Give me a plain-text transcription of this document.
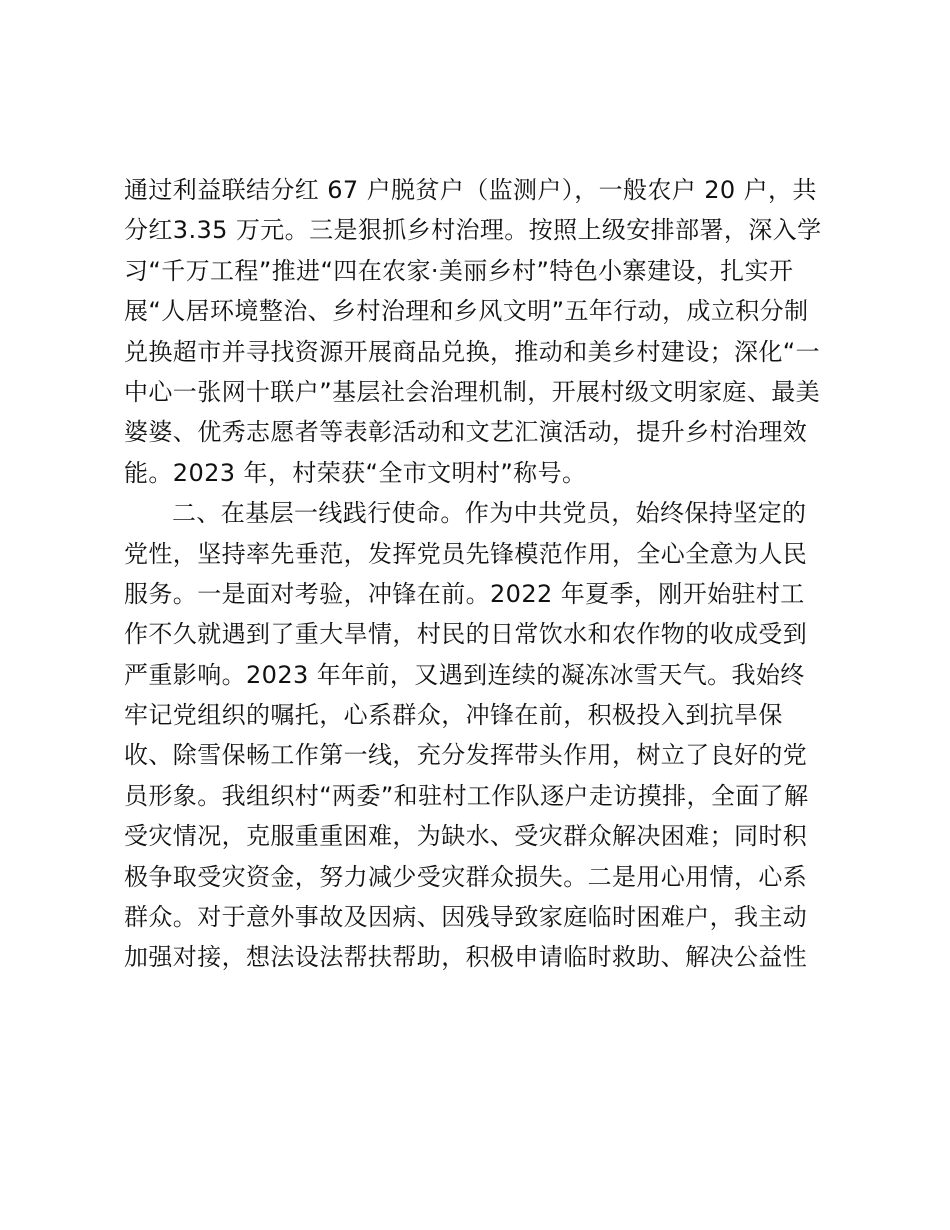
通过利益联结分红 67 户脱贫户（监测户），一般农户 20 户，共
分红3.35 万元。三是狠抓乡村治理。按照上级安排部署，深入学
习“千万工程”推进“四在农家·美丽乡村”特色小寨建设，扎实开
展“人居环境整治、乡村治理和乡风文明”五年行动，成立积分制
兑换超市并寻找资源开展商品兑换，推动和美乡村建设；深化“一
中心一张网十联户”基层社会治理机制，开展村级文明家庭、最美
婆婆、优秀志愿者等表彰活动和文艺汇演活动，提升乡村治理效
能。2023 年，村荣获“全市文明村”称号。
二、在基层一线践行使命。作为中共党员，始终保持坚定的
党性，坚持率先垂范，发挥党员先锋模范作用，全心全意为人民
服务。一是面对考验，冲锋在前。2022 年夏季，刚开始驻村工
作不久就遇到了重大旱情，村民的日常饮水和农作物的收成受到
严重影响。2023 年年前，又遇到连续的凝冻冰雪天气。我始终
牢记党组织的嘱托，心系群众，冲锋在前，积极投入到抗旱保
收、除雪保畅工作第一线，充分发挥带头作用，树立了良好的党
员形象。我组织村“两委”和驻村工作队逐户走访摸排，全面了解
受灾情况，克服重重困难，为缺水、受灾群众解决困难；同时积
极争取受灾资金，努力减少受灾群众损失。二是用心用情，心系
群众。对于意外事故及因病、因残导致家庭临时困难户，我主动
加强对接，想法设法帮扶帮助，积极申请临时救助、解决公益性
